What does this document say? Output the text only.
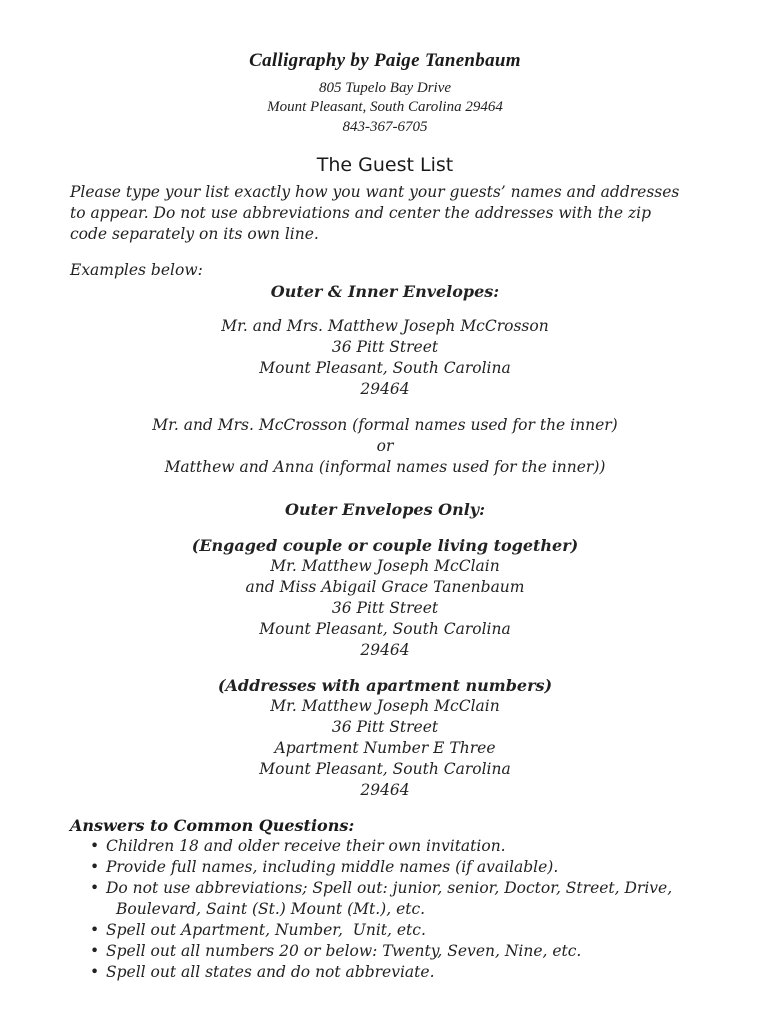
Calligraphy by Paige Tanenbaum
805 Tupelo Bay Drive
Mount Pleasant, South Carolina 29464
843-367-6705
The Guest List
Please type your list exactly how you want your guests’ names and addresses
to appear. Do not use abbreviations and center the addresses with the zip
code separately on its own line.
Examples below:
Outer & Inner Envelopes:
Mr. and Mrs. Matthew Joseph McCrosson
36 Pitt Street
Mount Pleasant, South Carolina
29464
Mr. and Mrs. McCrosson (formal names used for the inner)
or
Matthew and Anna (informal names used for the inner))
Outer Envelopes Only:
(Engaged couple or couple living together)
Mr. Matthew Joseph McClain
and Miss Abigail Grace Tanenbaum
36 Pitt Street
Mount Pleasant, South Carolina
29464
(Addresses with apartment numbers)
Mr. Matthew Joseph McClain
36 Pitt Street
Apartment Number E Three
Mount Pleasant, South Carolina
29464
Answers to Common Questions:
• Children 18 and older receive their own invitation.
• Provide full names, including middle names (if available).
• Do not use abbreviations; Spell out: junior, senior, Doctor, Street, Drive,
Boulevard, Saint (St.) Mount (Mt.), etc.
• Spell out Apartment, Number,  Unit, etc.
• Spell out all numbers 20 or below: Twenty, Seven, Nine, etc.
• Spell out all states and do not abbreviate.
